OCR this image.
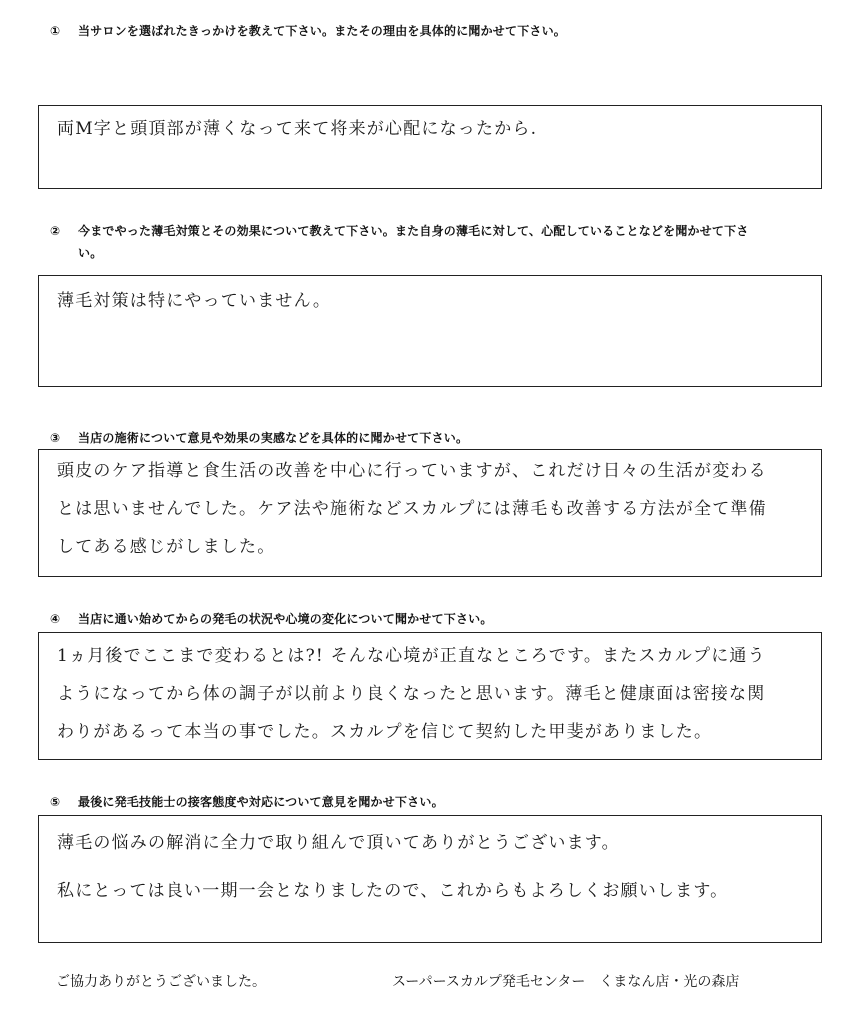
① 当サロンを選ばれたきっかけを教えて下さい。またその理由を具体的に聞かせて下さい。
両M字と頭頂部が薄くなって来て将来が心配になったから.
② 今までやった薄毛対策とその効果について教えて下さい。また自身の薄毛に対して、心配していることなどを聞かせて下さ
い。
薄毛対策は特にやっていません。
③ 当店の施術について意見や効果の実感などを具体的に聞かせて下さい。
頭皮のケア指導と食生活の改善を中心に行っていますが、これだけ日々の生活が変わる
とは思いませんでした。ケア法や施術などスカルプには薄毛も改善する方法が全て準備
してある感じがしました。
④ 当店に通い始めてからの発毛の状況や心境の変化について聞かせて下さい。
1ヵ月後でここまで変わるとは?! そんな心境が正直なところです。またスカルプに通う
ようになってから体の調子が以前より良くなったと思います。薄毛と健康面は密接な関
わりがあるって本当の事でした。スカルプを信じて契約した甲斐がありました。
⑤ 最後に発毛技能士の接客態度や対応について意見を聞かせ下さい。
薄毛の悩みの解消に全力で取り組んで頂いてありがとうございます。
私にとっては良い一期一会となりましたので、これからもよろしくお願いします。
ご協力ありがとうございました。	スーパースカルプ発毛センター　くまなん店・光の森店
